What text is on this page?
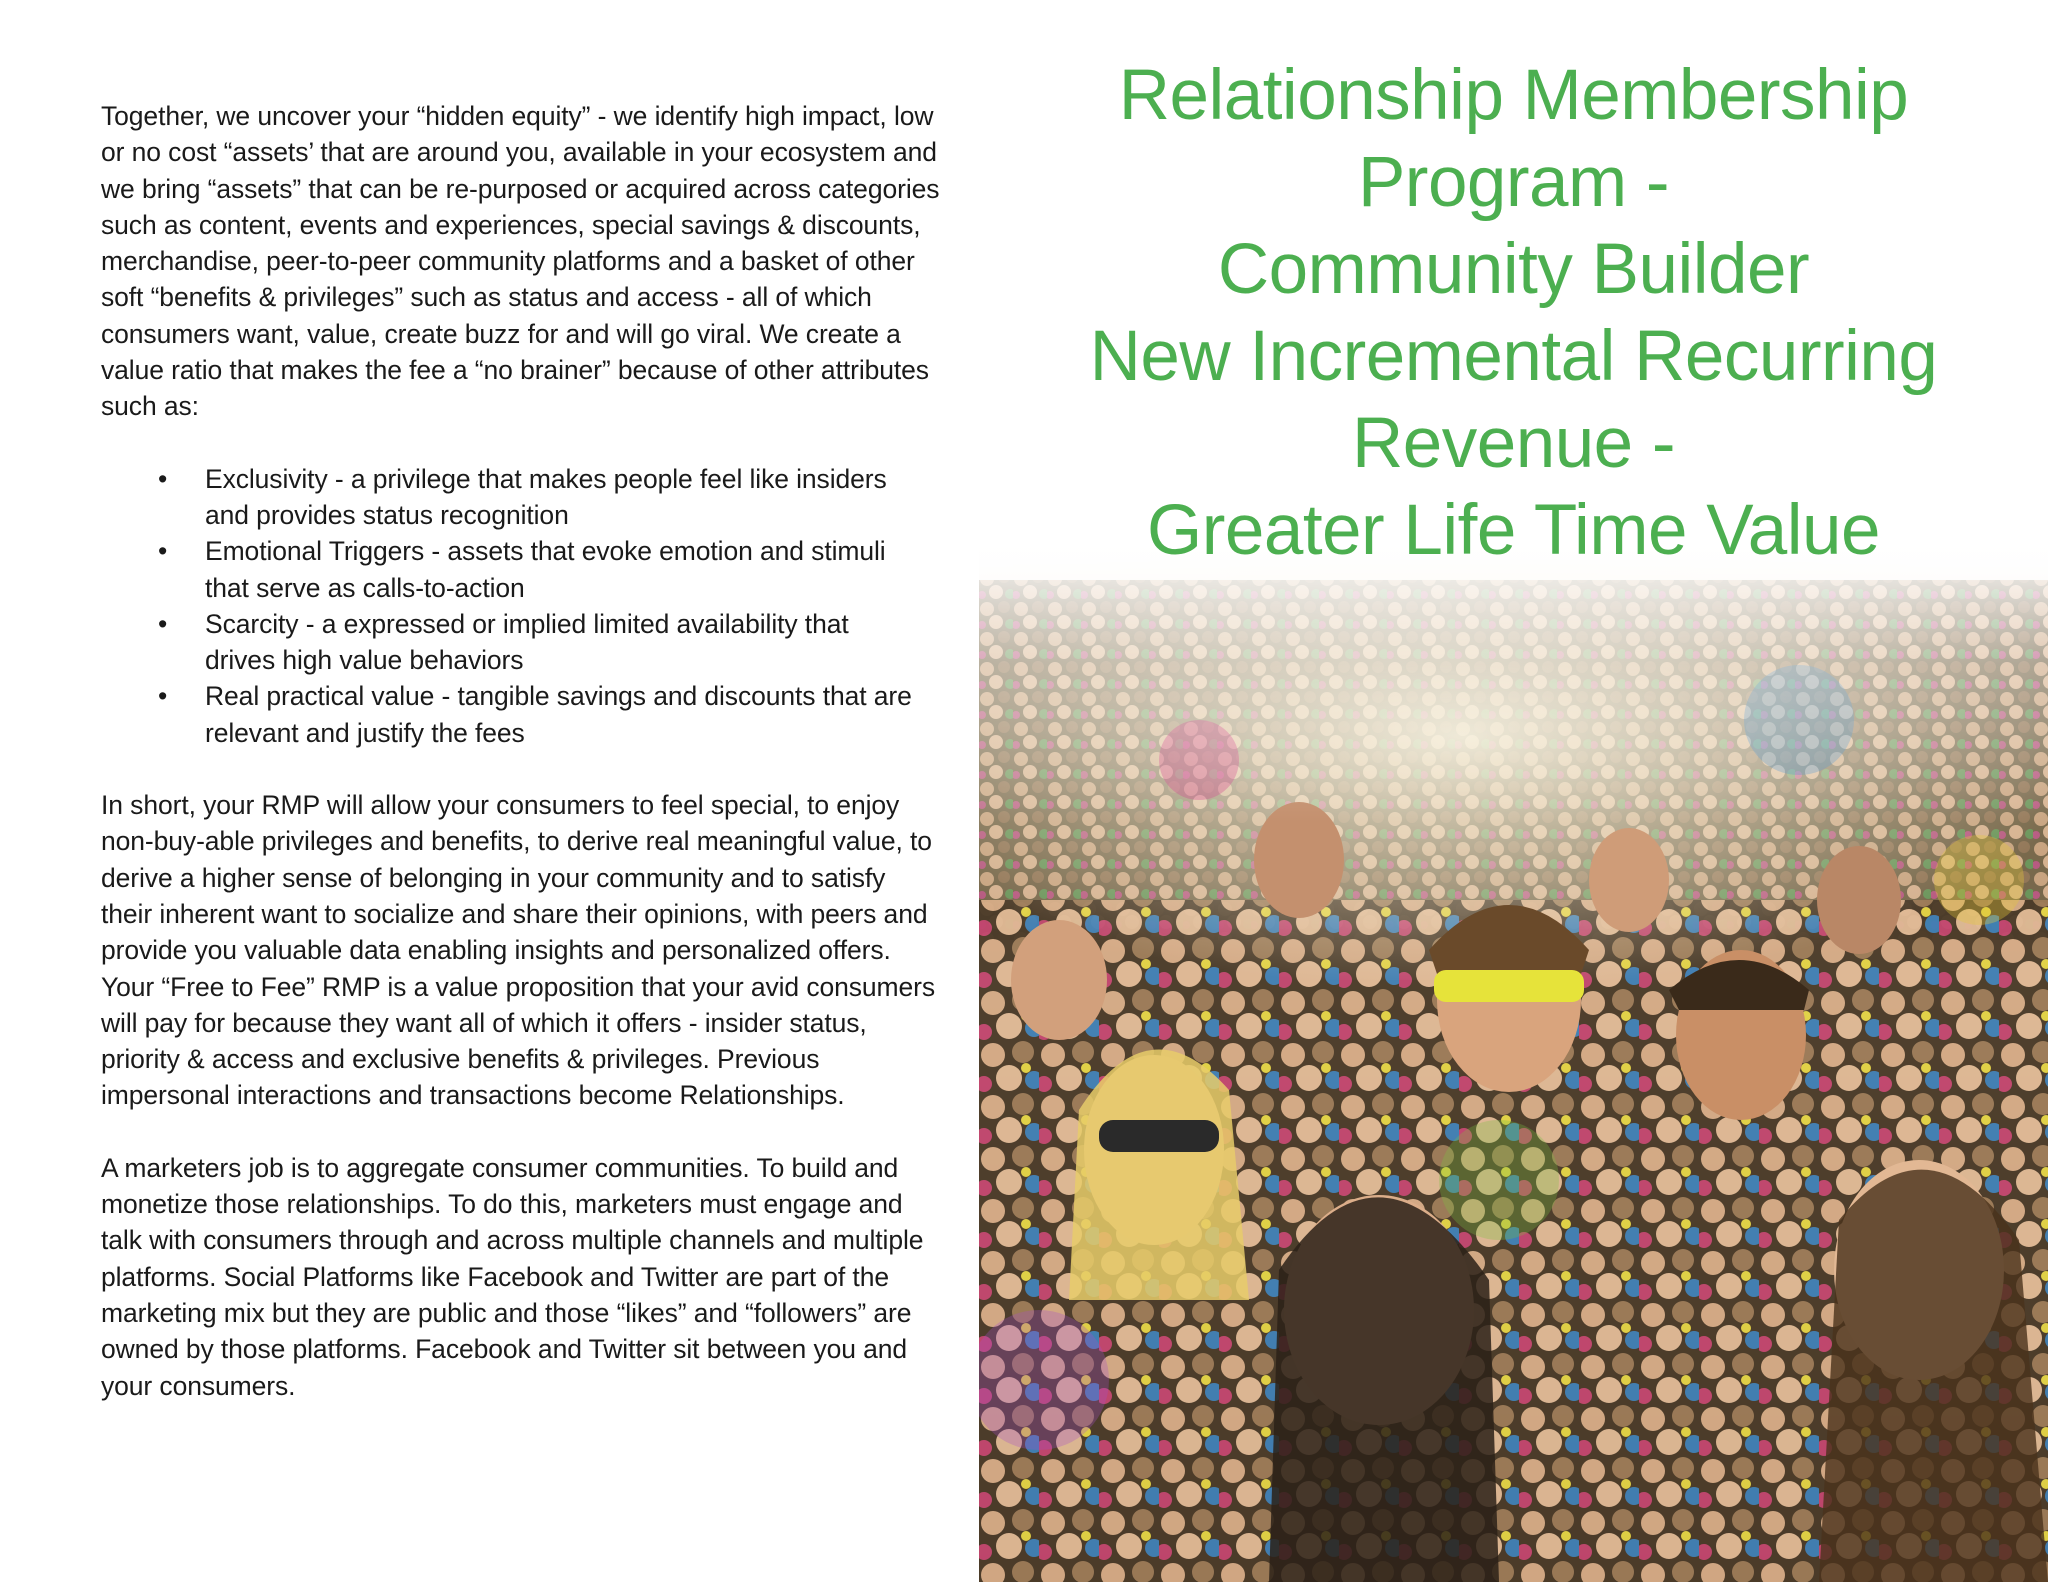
Together, we uncover your “hidden equity” - we identify high impact, low or no cost “assets’ that are around you, available in your ecosystem and we bring “assets” that can be re-purposed or acquired across categories such as content, events and experiences, special savings & discounts, merchandise, peer-to-peer community platforms and a basket of other soft “benefits & privileges” such as status and access - all of which consumers want, value, create buzz for and will go viral. We create a value ratio that makes the fee a “no brainer” because of other attributes such as:

• Exclusivity - a privilege that makes people feel like insiders and provides status recognition
• Emotional Triggers - assets that evoke emotion and stimuli that serve as calls-to-action
• Scarcity - a expressed or implied limited availability that drives high value behaviors
• Real practical value - tangible savings and discounts that are relevant and justify the fees

In short, your RMP will allow your consumers to feel special, to enjoy non-buy-able privileges and benefits, to derive real meaningful value, to derive a higher sense of belonging in your community and to satisfy their inherent want to socialize and share their opinions, with peers and provide you valuable data enabling insights and personalized offers. Your “Free to Fee” RMP is a value proposition that your avid consumers will pay for because they want all of which it offers - insider status, priority & access and exclusive benefits & privileges. Previous impersonal interactions and transactions become Relationships.

A marketers job is to aggregate consumer communities. To build and monetize those relationships. To do this, marketers must engage and talk with consumers through and across multiple channels and multiple platforms. Social Platforms like Facebook and Twitter are part of the marketing mix but they are public and those “likes” and “followers” are owned by those platforms. Facebook and Twitter sit between you and your consumers.

Relationship Membership
Program -
Community Builder
New Incremental Recurring
Revenue -
Greater Life Time Value
